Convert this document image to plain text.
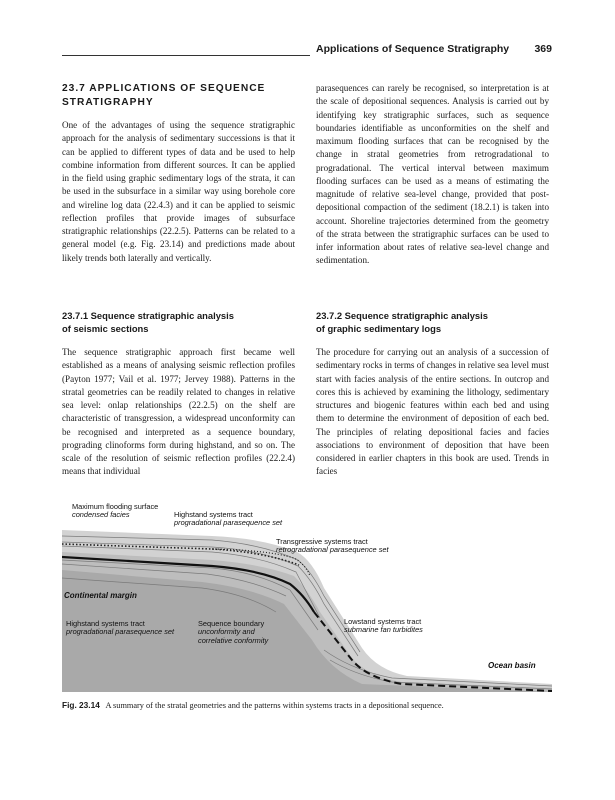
Applications of Sequence Stratigraphy 369
23.7 APPLICATIONS OF SEQUENCE
STRATIGRAPHY

One of the advantages of using the sequence stratigraphic approach for the analysis of sedimentary successions is that it can be applied to different types of data and be used to help combine information from different sources. It can be applied in the field using graphic sedimentary logs of the strata, it can be used in the subsurface in a similar way using borehole core and wireline log data (22.4.3) and it can be applied to seismic reflection profiles that provide images of subsurface stratigraphic relationships (22.2.5). Patterns can be related to a general model (e.g. Fig. 23.14) and predictions made about likely trends both laterally and vertically.

23.7.1 Sequence stratigraphic analysis
of seismic sections

The sequence stratigraphic approach first became well established as a means of analysing seismic reflection profiles (Payton 1977; Vail et al. 1977; Jervey 1988). Patterns in the stratal geometries can be readily related to changes in relative sea level: onlap relationships (22.2.5) on the shelf are characteristic of transgression, a widespread unconformity can be recognised and interpreted as a sequence boundary, prograding clinoforms form during highstand, and so on. The scale of the resolution of seismic reflection profiles (22.2.4) means that individual

parasequences can rarely be recognised, so interpretation is at the scale of depositional sequences. Analysis is carried out by identifying key stratigraphic surfaces, such as sequence boundaries identifiable as unconformities on the shelf and maximum flooding surfaces that can be recognised by the change in stratal geometries from retrogradational to progradational. The vertical interval between maximum flooding surfaces can be used as a means of estimating the magnitude of relative sea-level change, provided that post-depositional compaction of the sediment (18.2.1) is taken into account. Shoreline trajectories determined from the geometry of the strata between the stratigraphic surfaces can be used to infer information about rates of relative sea-level change and sedimentation.

23.7.2 Sequence stratigraphic analysis
of graphic sedimentary logs

The procedure for carrying out an analysis of a succession of sedimentary rocks in terms of changes in relative sea level must start with facies analysis of the entire sections. In outcrop and cores this is achieved by examining the lithology, sedimentary structures and biogenic features within each bed and using them to determine the environment of deposition of each bed. The principles of relating depositional facies and facies associations to environment of deposition that have been considered in earlier chapters in this book are used. Trends in facies

Maximum flooding surface
condensed facies	Highstand systems tract
progradational parasequence set
Transgressive systems tract
retrogradational parasequence set
Continental margin
Highstand systems tract
progradational parasequence set
Sequence boundary
unconformity and
correlative conformity
Lowstand systems tract
submarine fan turbidites
Ocean basin
Fig. 23.14 A summary of the stratal geometries and the patterns within systems tracts in a depositional sequence.
